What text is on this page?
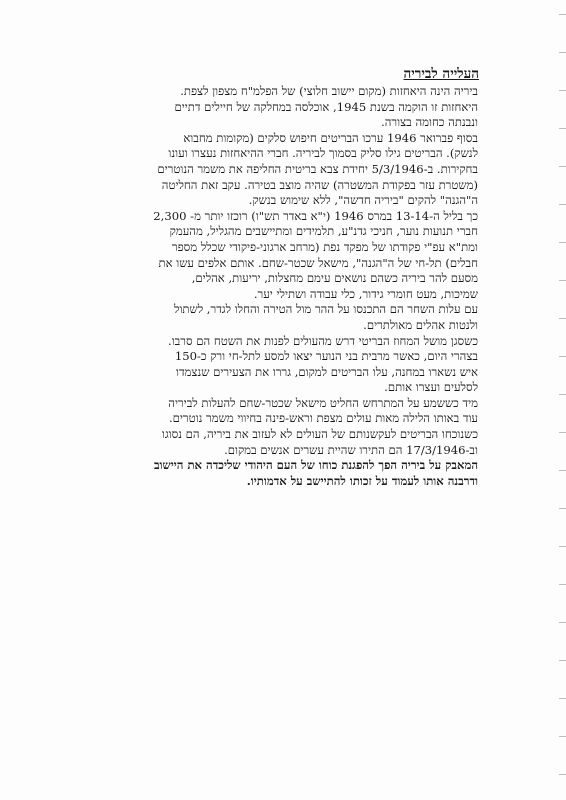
העלייה לביריה
ביריה הינה היאחזות (מקום יישוב חלוצי) של הפלמ"ח מצפון לצפת.
היאחזות זו הוקמה בשנת 1945, אוכלסה במחלקה של חיילים דתיים
ונבנתה כחומה בצורה.
בסוף פברואר 1946 ערכו הבריטים חיפוש סלקים (מקומות מחבוא
לנשק). הבריטים גילו סליק בסמוך לביריה. חברי ההיאחזות נעצרו ועונו
בחקירות. ב-5/3/1946 יחידת צבא בריטית החליפה את משמר הנוטרים
(משטרת עזר בפקודת המשטרה) שהיה מוצב בטירה. עקב זאת החליטה
ה"הגנה" להקים "ביריה חדשה", ללא שימוש בנשק.
כך בליל ה-13-14 במרס 1946 (י"א באדר תש"ו) רוכזו יותר מ- 2,300
חברי תנועות נוער, חניכי גדנ"ע, תלמידים ומתיישבים מהגליל, מהעמק
ומת"א עפ"י פקודתו של מפקד נפת (מרחב ארגוני-פיקודי שכלל מספר
חבלים) תל-חי של ה"הגנה", מישאל שכטר-שחם. אותם אלפים עשו את
מסעם להר ביריה כשהם נושאים עימם מחצלות, יריעות, אהלים,
שמיכות, מעט חומרי גידור, כלי עבודה ושתילי יער.
עם עלות השחר הם התכנסו על ההר מול הטירה והחלו לגדר, לשתול
ולנטות אהלים מאולתרים.
כשסגן מושל המחוז הבריטי דרש מהעולים לפנות את השטח הם סרבו.
בצהרי היום, כאשר מרבית בני הנוער יצאו למסע לתל-חי ורק כ-150
איש נשארו במחנה, עלו הבריטים למקום, גררו את הצעירים שנצמדו
לסלעים ועצרו אותם.
מיד כששמע על המתרחש החליט מישאל שכטר-שחם להעלות לביריה
עוד באותו הלילה מאות עולים מצפת וראש-פינה בחיווי משמר נוטרים.
כשנוכחו הבריטים לעקשנותם של העולים לא לעזוב את ביריה, הם נסוגו
וב-17/3/1946 הם התירו שהיית עשרים אנשים במקום.
המאבק על ביריה הפך להפגנת כוחו של העם היהודי שליכדה את היישוב
ודרבנה אותו לעמוד על זכותו להתיישב על אדמותיו.
